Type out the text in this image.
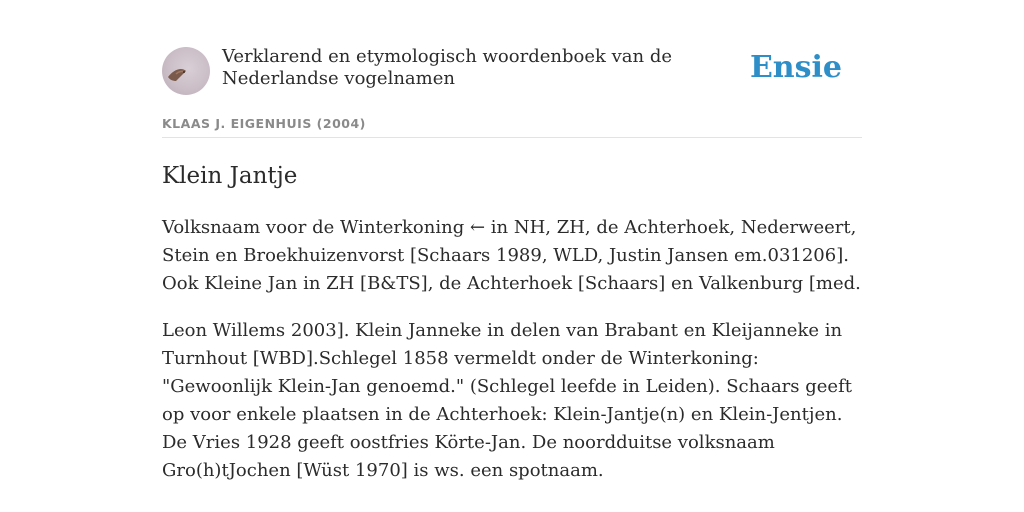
Verklarend en etymologisch woordenboek van de Nederlandse vogelnamen	Ensie
KLAAS J. EIGENHUIS (2004)
Klein Jantje

Volksnaam voor de Winterkoning ← in NH, ZH, de Achterhoek, Nederweert, Stein en Broekhuizenvorst [Schaars 1989, WLD, Justin Jansen em.031206]. Ook Kleine Jan in ZH [B&TS], de Achterhoek [Schaars] en Valkenburg [med.

Leon Willems 2003]. Klein Janneke in delen van Brabant en Kleijanneke in Turnhout [WBD].Schlegel 1858 vermeldt onder de Winterkoning: "Gewoonlijk Klein-Jan genoemd." (Schlegel leefde in Leiden). Schaars geeft op voor enkele plaatsen in de Achterhoek: Klein-Jantje(n) en Klein-Jentjen. De Vries 1928 geeft oostfries Körte-Jan. De noordduitse volksnaam Gro(h)tJochen [Wüst 1970] is ws. een spotnaam.
